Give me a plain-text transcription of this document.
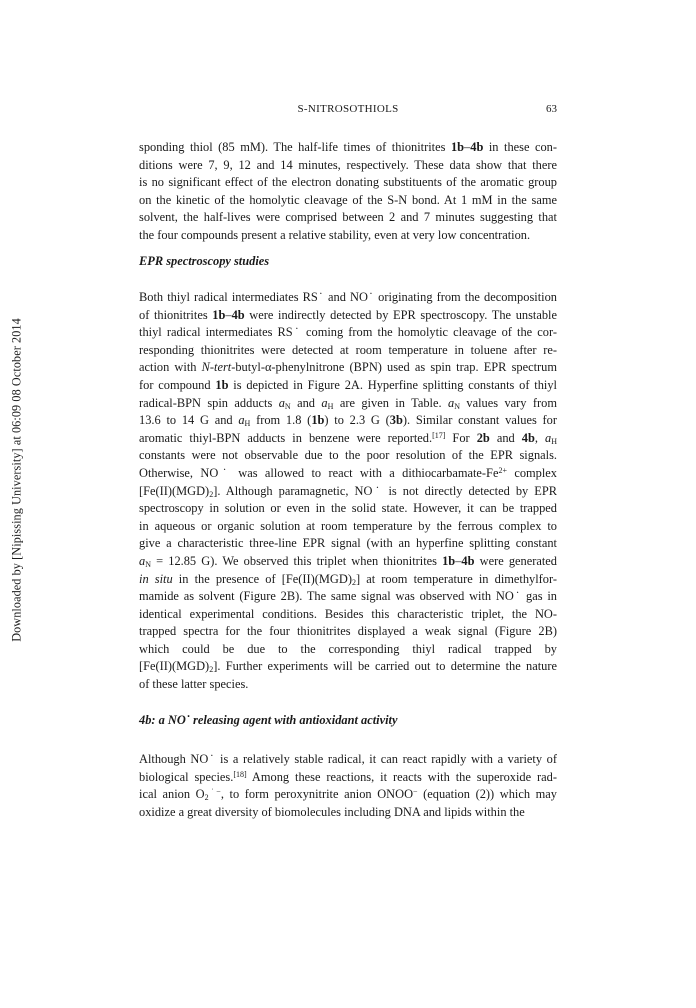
Downloaded by [Nipissing University] at 06:09 08 October 2014
S-NITROSOTHIOLS	63
sponding thiol (85 mM). The half-life times of thionitrites 1b–4b in these con-
ditions were 7, 9, 12 and 14 minutes, respectively. These data show that there
is no significant effect of the electron donating substituents of the aromatic group
on the kinetic of the homolytic cleavage of the S-N bond. At 1 mM in the same
solvent, the half-lives were comprised between 2 and 7 minutes suggesting that
the four compounds present a relative stability, even at very low concentration.
EPR spectroscopy studies
Both thiyl radical intermediates RS˙ and NO˙ originating from the decomposition
of thionitrites 1b–4b were indirectly detected by EPR spectroscopy. The unstable
thiyl radical intermediates RS˙ coming from the homolytic cleavage of the cor-
responding thionitrites were detected at room temperature in toluene after re-
action with N-tert-butyl-α-phenylnitrone (BPN) used as spin trap. EPR spectrum
for compound 1b is depicted in Figure 2A. Hyperfine splitting constants of thiyl
radical-BPN spin adducts $a_N$ and $a_H$ are given in Table. $a_N$ values vary from
13.6 to 14 G and $a_H$ from 1.8 (1b) to 2.3 G (3b). Similar constant values for
aromatic thiyl-BPN adducts in benzene were reported.[17] For 2b and 4b, $a_H$
constants were not observable due to the poor resolution of the EPR signals.
Otherwise, NO˙ was allowed to react with a dithiocarbamate-$Fe^{2+}$ complex
$[Fe(II)(MGD)_2]$. Although paramagnetic, NO˙ is not directly detected by EPR
spectroscopy in solution or even in the solid state. However, it can be trapped
in aqueous or organic solution at room temperature by the ferrous complex to
give a characteristic three-line EPR signal (with an hyperfine splitting constant
$a_N = 12.85$ G). We observed this triplet when thionitrites 1b–4b were generated
in situ in the presence of $[Fe(II)(MGD)_2]$ at room temperature in dimethylfor-
mamide as solvent (Figure 2B). The same signal was observed with NO˙ gas in
identical experimental conditions. Besides this characteristic triplet, the NO-
trapped spectra for the four thionitrites displayed a weak signal (Figure 2B)
which could be due to the corresponding thiyl radical trapped by
$[Fe(II)(MGD)_2]$. Further experiments will be carried out to determine the nature
of these latter species.
4b: a NO˙ releasing agent with antioxidant activity
Although NO˙ is a relatively stable radical, it can react rapidly with a variety of
biological species.[18] Among these reactions, it reacts with the superoxide rad-
ical anion $O_2^{˙-}$, to form peroxynitrite anion ONOO− (equation (2)) which may
oxidize a great diversity of biomolecules including DNA and lipids within the
